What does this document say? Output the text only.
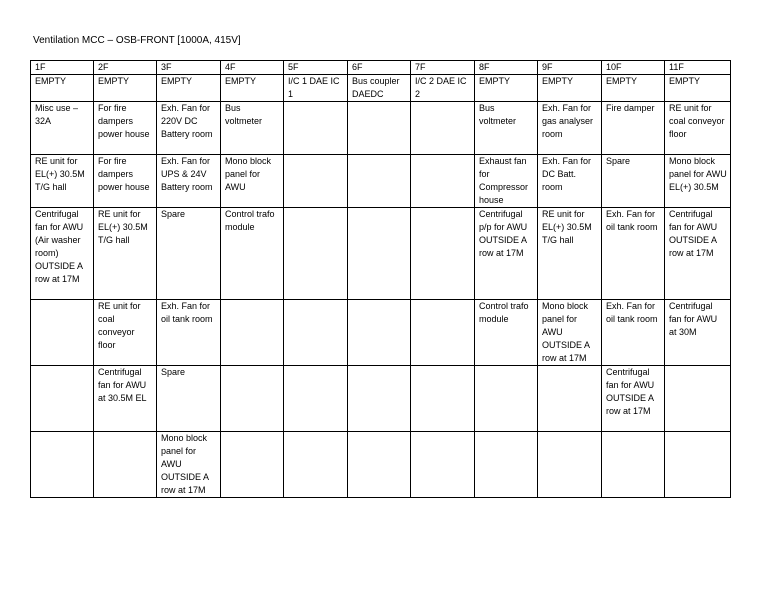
Ventilation MCC – OSB-FRONT [1000A, 415V]
1F	2F	3F	4F	5F	6F	7F	8F	9F	10F	11F
EMPTY	EMPTY	EMPTY	EMPTY	I/C 1 DAE IC 1	Bus coupler DAEDC	I/C 2 DAE IC 2	EMPTY	EMPTY	EMPTY	EMPTY
Misc use – 32A	For fire dampers power house	Exh. Fan for 220V DC Battery room	Bus voltmeter				Bus voltmeter	Exh. Fan for gas analyser room	Fire damper	RE unit for coal conveyor floor
RE unit for EL(+) 30.5M T/G hall	For fire dampers power house	Exh. Fan for UPS & 24V Battery room	Mono block panel for AWU				Exhaust fan for Compressor house	Exh. Fan for DC Batt. room	Spare	Mono block panel for AWU EL(+) 30.5M
Centrifugal fan for AWU (Air washer room) OUTSIDE A row at 17M	RE unit for EL(+) 30.5M T/G hall	Spare	Control trafo module				Centrifugal p/p for AWU OUTSIDE A row at 17M	RE unit for EL(+) 30.5M T/G hall	Exh. Fan for oil tank room	Centrifugal fan for AWU OUTSIDE A row at 17M
	RE unit for coal conveyor floor	Exh. Fan for oil tank room					Control trafo module	Mono block panel for AWU OUTSIDE A row at 17M	Exh. Fan for oil tank room	Centrifugal fan for AWU at 30M
	Centrifugal fan for AWU at 30.5M EL	Spare							Centrifugal fan for AWU OUTSIDE A row at 17M	
		Mono block panel for AWU OUTSIDE A row at 17M								
